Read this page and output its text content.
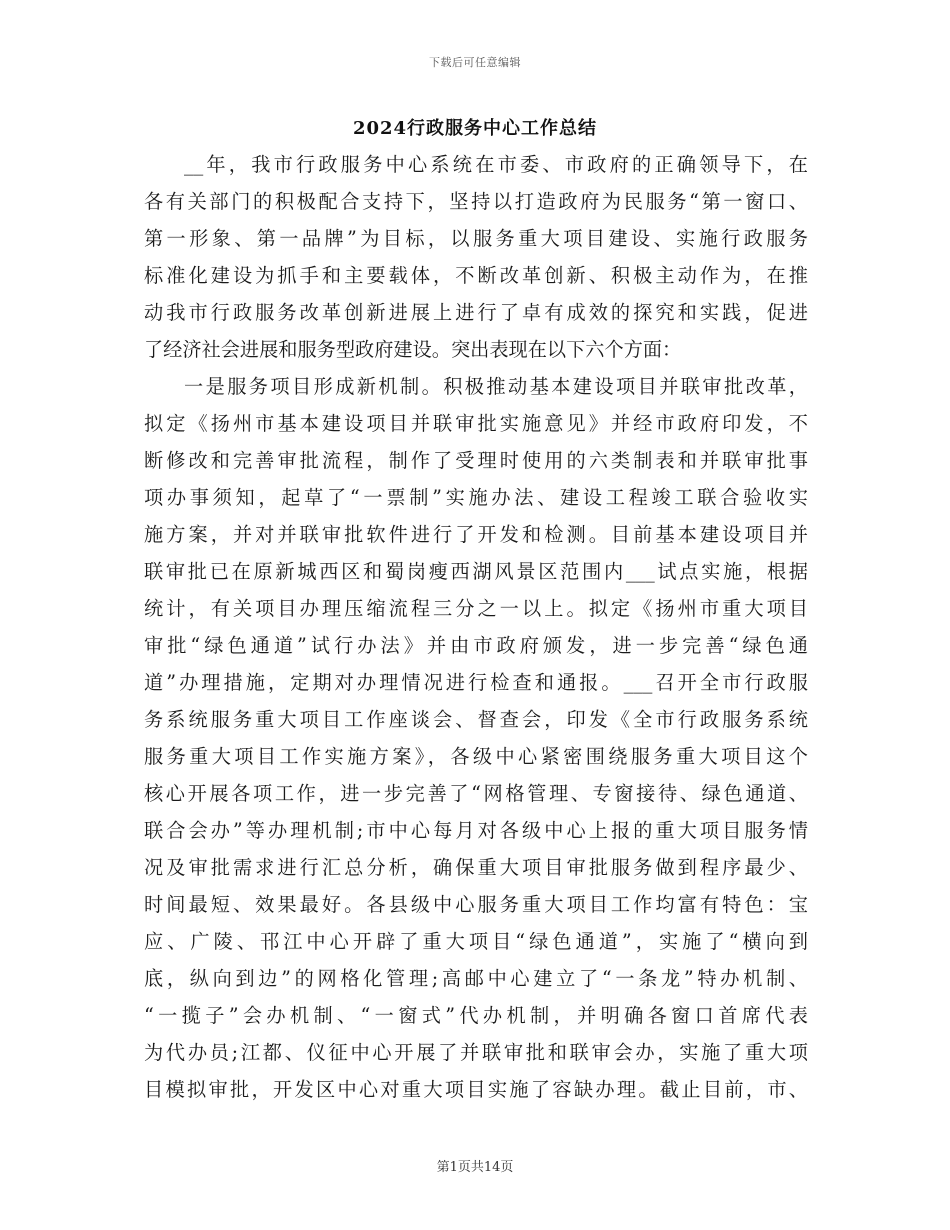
下载后可任意编辑
2024行政服务中心工作总结
__年，我市行政服务中心系统在市委、市政府的正确领导下，在
各有关部门的积极配合支持下，坚持以打造政府为民服务“第一窗口、
第一形象、第一品牌”为目标，以服务重大项目建设、实施行政服务
标准化建设为抓手和主要载体，不断改革创新、积极主动作为，在推
动我市行政服务改革创新进展上进行了卓有成效的探究和实践，促进
了经济社会进展和服务型政府建设。突出表现在以下六个方面：
一是服务项目形成新机制。积极推动基本建设项目并联审批改革，
拟定《扬州市基本建设项目并联审批实施意见》并经市政府印发，不
断修改和完善审批流程，制作了受理时使用的六类制表和并联审批事
项办事须知，起草了“一票制”实施办法、建设工程竣工联合验收实
施方案，并对并联审批软件进行了开发和检测。目前基本建设项目并
联审批已在原新城西区和蜀岗瘦西湖风景区范围内___试点实施，根据
统计，有关项目办理压缩流程三分之一以上。拟定《扬州市重大项目
审批“绿色通道”试行办法》并由市政府颁发，进一步完善“绿色通
道”办理措施，定期对办理情况进行检查和通报。___召开全市行政服
务系统服务重大项目工作座谈会、督查会，印发《全市行政服务系统
服务重大项目工作实施方案》，各级中心紧密围绕服务重大项目这个
核心开展各项工作，进一步完善了“网格管理、专窗接待、绿色通道、
联合会办”等办理机制;市中心每月对各级中心上报的重大项目服务情
况及审批需求进行汇总分析，确保重大项目审批服务做到程序最少、
时间最短、效果最好。各县级中心服务重大项目工作均富有特色：宝
应、广陵、邗江中心开辟了重大项目“绿色通道”，实施了“横向到
底，纵向到边”的网格化管理;高邮中心建立了“一条龙”特办机制、
“一揽子”会办机制、“一窗式”代办机制，并明确各窗口首席代表
为代办员;江都、仪征中心开展了并联审批和联审会办，实施了重大项
目模拟审批，开发区中心对重大项目实施了容缺办理。截止目前，市、
第1页共14页
